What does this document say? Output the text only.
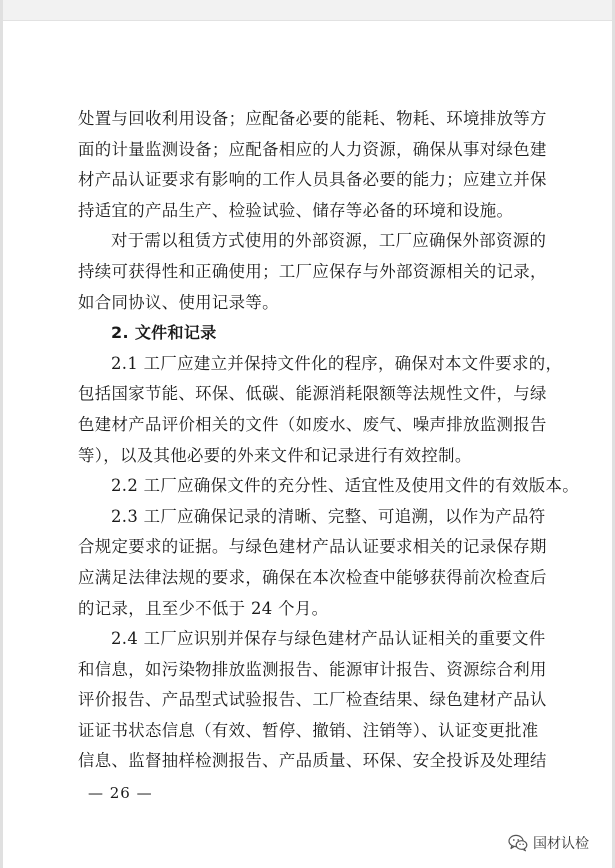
处置与回收利用设备；应配备必要的能耗、物耗、环境排放等方
面的计量监测设备；应配备相应的人力资源，确保从事对绿色建
材产品认证要求有影响的工作人员具备必要的能力；应建立并保
持适宜的产品生产、检验试验、储存等必备的环境和设施。
对于需以租赁方式使用的外部资源，工厂应确保外部资源的
持续可获得性和正确使用；工厂应保存与外部资源相关的记录，
如合同协议、使用记录等。
2. 文件和记录
2.1 工厂应建立并保持文件化的程序，确保对本文件要求的，
包括国家节能、环保、低碳、能源消耗限额等法规性文件，与绿
色建材产品评价相关的文件（如废水、废气、噪声排放监测报告
等），以及其他必要的外来文件和记录进行有效控制。
2.2 工厂应确保文件的充分性、适宜性及使用文件的有效版本。
2.3 工厂应确保记录的清晰、完整、可追溯，以作为产品符
合规定要求的证据。与绿色建材产品认证要求相关的记录保存期
应满足法律法规的要求，确保在本次检查中能够获得前次检查后
的记录，且至少不低于 24 个月。
2.4 工厂应识别并保存与绿色建材产品认证相关的重要文件
和信息，如污染物排放监测报告、能源审计报告、资源综合利用
评价报告、产品型式试验报告、工厂检查结果、绿色建材产品认
证证书状态信息（有效、暂停、撤销、注销等）、认证变更批准
信息、监督抽样检测报告、产品质量、环保、安全投诉及处理结
— 26 —
国材认检
